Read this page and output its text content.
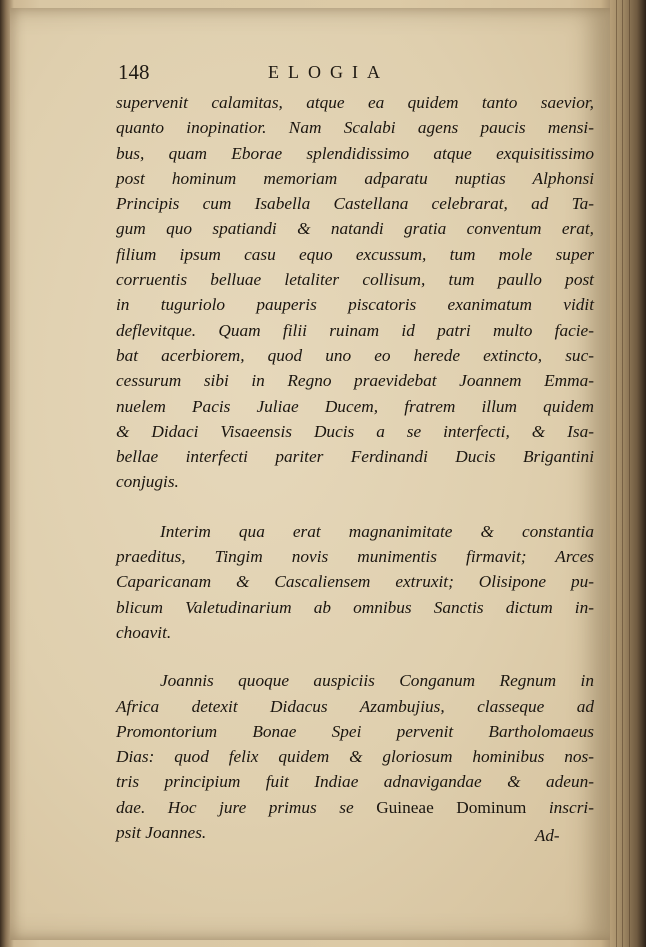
148	ELOGIA
supervenit calamitas, atque ea quidem tanto saevior,
quanto inopinatior. Nam Scalabi agens paucis mensi-
bus, quam Eborae splendidissimo atque exquisitissimo
post hominum memoriam adparatu nuptias Alphonsi
Principis cum Isabella Castellana celebrarat, ad Ta-
gum quo spatiandi & natandi gratia conventum erat,
filium ipsum casu equo excussum, tum mole super
corruentis belluae letaliter collisum, tum paullo post
in tuguriolo pauperis piscatoris exanimatum vidit
deflevitque. Quam filii ruinam id patri multo facie-
bat acerbiorem, quod uno eo herede extincto, suc-
cessurum sibi in Regno praevidebat Joannem Emma-
nuelem Pacis Juliae Ducem, fratrem illum quidem
& Didaci Visaeensis Ducis a se interfecti, & Isa-
bellae interfecti pariter Ferdinandi Ducis Brigantini
conjugis.
Interim qua erat magnanimitate & constantia
praeditus, Tingim novis munimentis firmavit; Arces
Caparicanam & Cascaliensem extruxit; Olisipone pu-
blicum Valetudinarium ab omnibus Sanctis dictum in-
choavit.
Joannis quoque auspiciis Conganum Regnum in
Africa detexit Didacus Azambujius, classeque ad
Promontorium Bonae Spei pervenit Bartholomaeus
Dias: quod felix quidem & gloriosum hominibus nos-
tris principium fuit Indiae adnavigandae & adeun-
dae. Hoc jure primus se Guineae Dominum inscri-
psit Joannes.	Ad-
